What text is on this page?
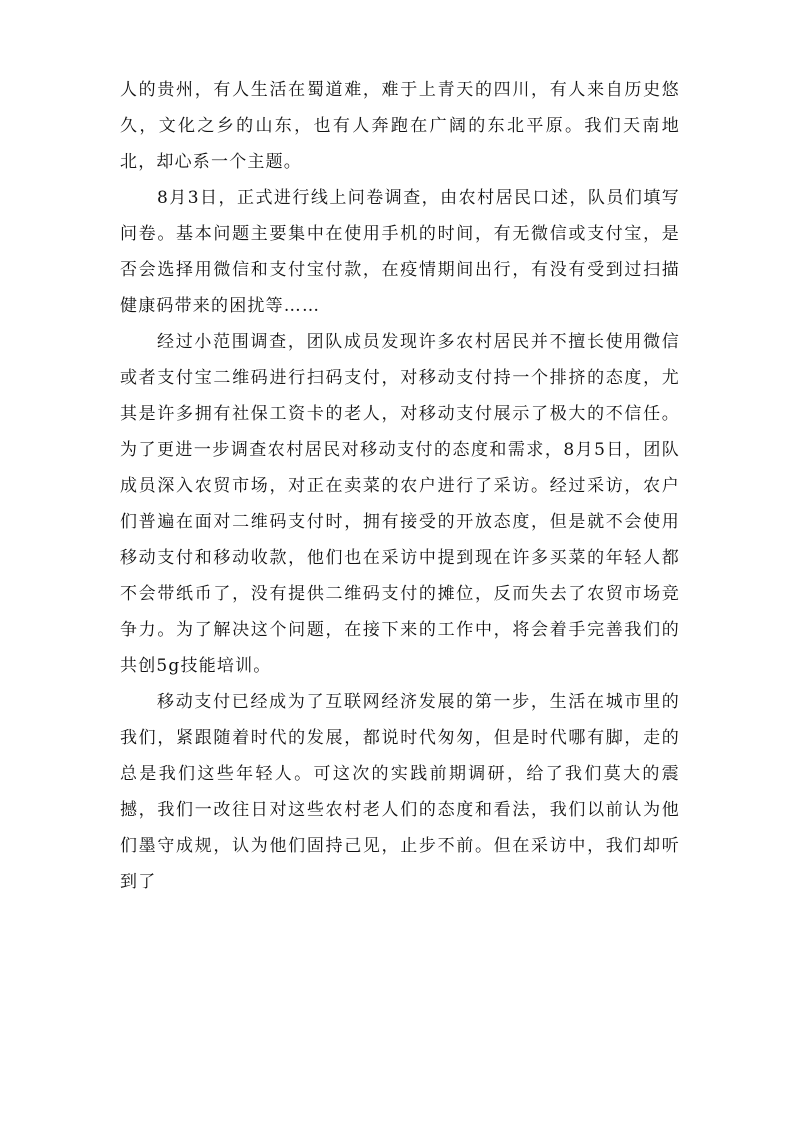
人的贵州，有人生活在蜀道难，难于上青天的四川，有人来自历史悠久，文化之乡的山东，也有人奔跑在广阔的东北平原。我们天南地北，却心系一个主题。

8月3日，正式进行线上问卷调查，由农村居民口述，队员们填写问卷。基本问题主要集中在使用手机的时间，有无微信或支付宝，是否会选择用微信和支付宝付款，在疫情期间出行，有没有受到过扫描健康码带来的困扰等……

经过小范围调查，团队成员发现许多农村居民并不擅长使用微信或者支付宝二维码进行扫码支付，对移动支付持一个排挤的态度，尤其是许多拥有社保工资卡的老人，对移动支付展示了极大的不信任。为了更进一步调查农村居民对移动支付的态度和需求，8月5日，团队成员深入农贸市场，对正在卖菜的农户进行了采访。经过采访，农户们普遍在面对二维码支付时，拥有接受的开放态度，但是就不会使用移动支付和移动收款，他们也在采访中提到现在许多买菜的年轻人都不会带纸币了，没有提供二维码支付的摊位，反而失去了农贸市场竞争力。为了解决这个问题，在接下来的工作中，将会着手完善我们的共创5g技能培训。

移动支付已经成为了互联网经济发展的第一步，生活在城市里的我们，紧跟随着时代的发展，都说时代匆匆，但是时代哪有脚，走的总是我们这些年轻人。可这次的实践前期调研，给了我们莫大的震撼，我们一改往日对这些农村老人们的态度和看法，我们以前认为他们墨守成规，认为他们固持己见，止步不前。但在采访中，我们却听到了
